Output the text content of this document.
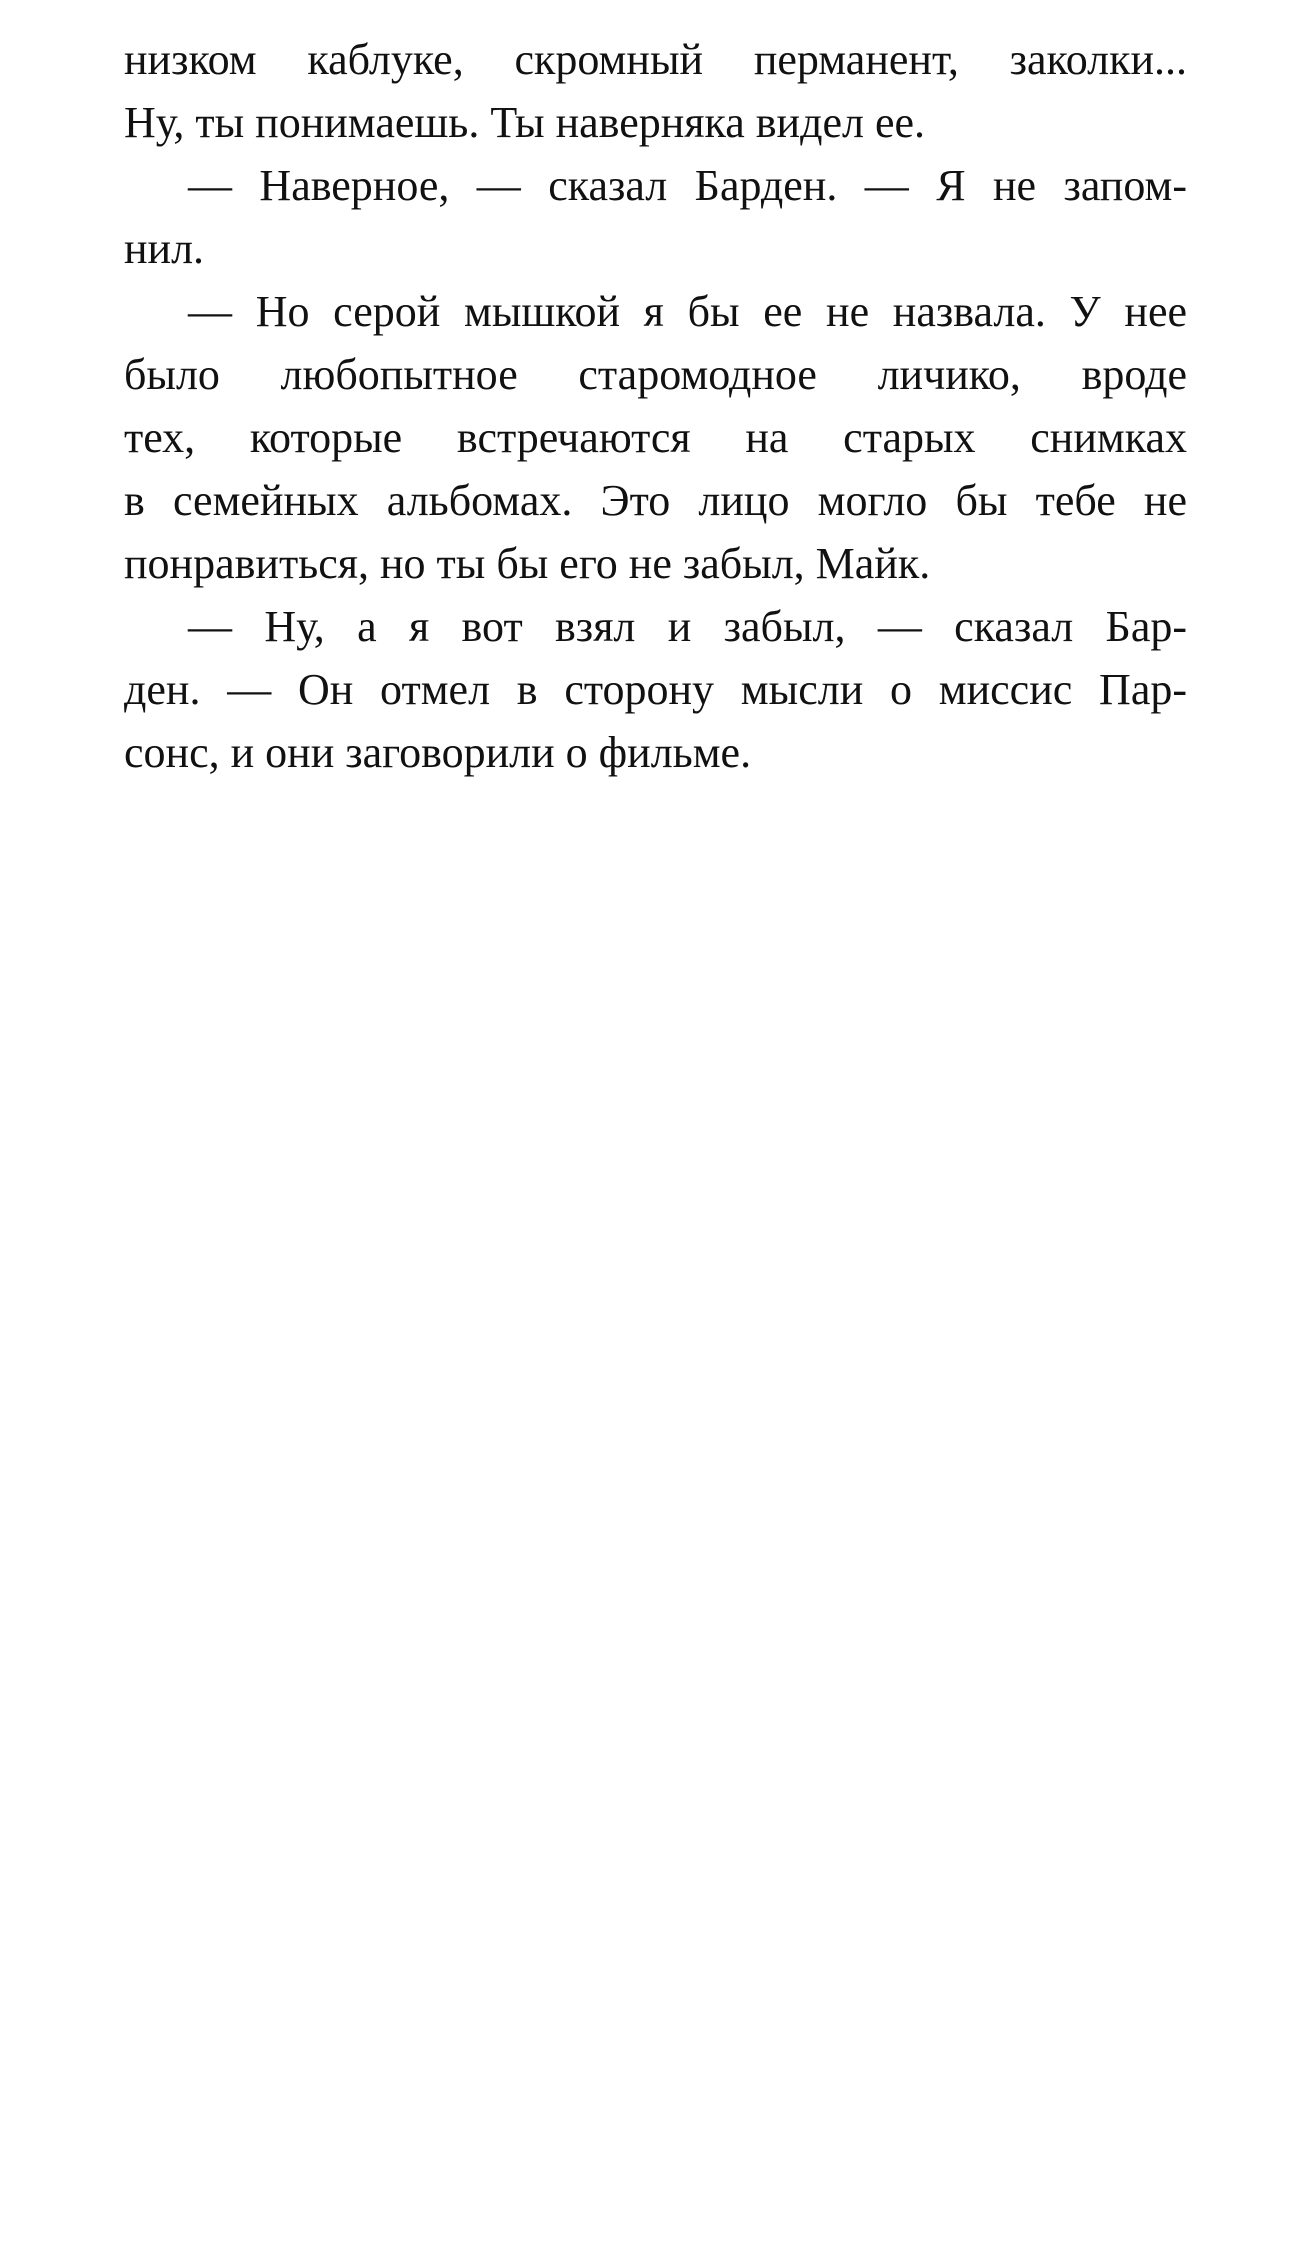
низком каблуке, скромный перманент, заколки...
Ну, ты понимаешь. Ты наверняка видел ее.
— Наверное, — сказал Барден. — Я не запом-
нил.
— Но серой мышкой я бы ее не назвала. У нее
было любопытное старомодное личико, вроде
тех, которые встречаются на старых снимках
в семейных альбомах. Это лицо могло бы тебе не
понравиться, но ты бы его не забыл, Майк.
— Ну, а я вот взял и забыл, — сказал Бар-
ден. — Он отмел в сторону мысли о миссис Пар-
сонс, и они заговорили о фильме.
